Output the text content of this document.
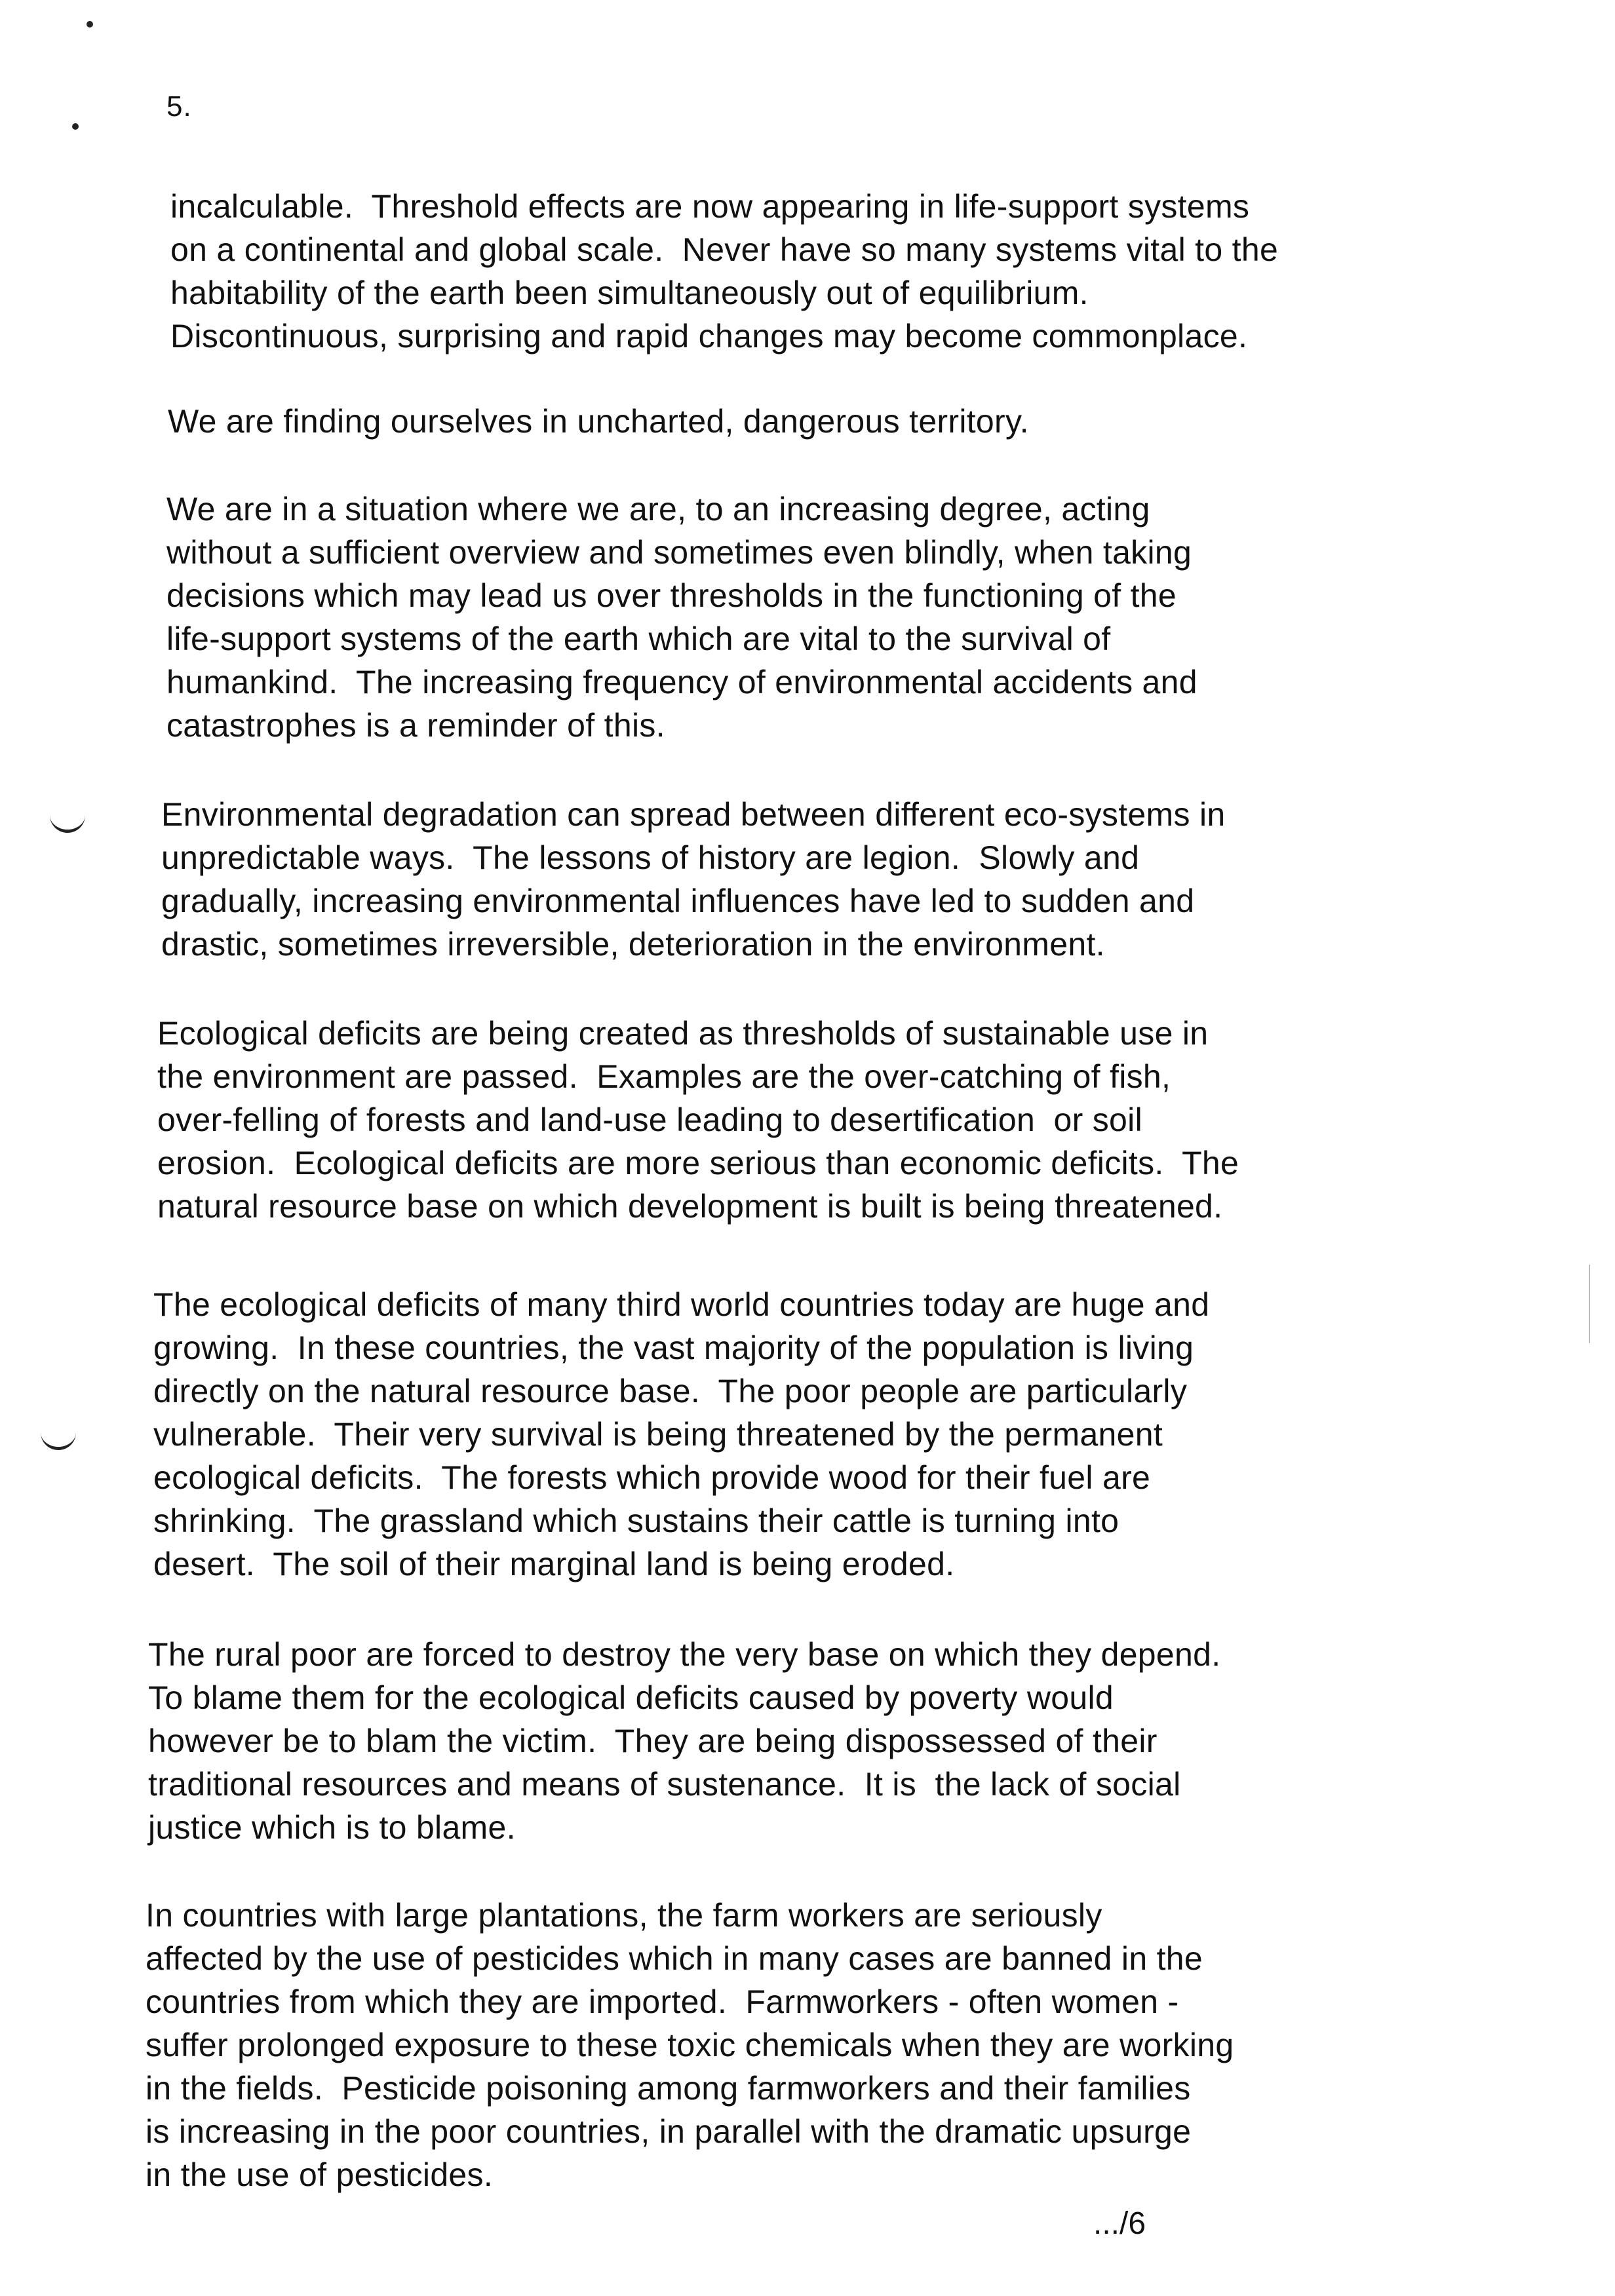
5.

incalculable.  Threshold effects are now appearing in life-support systems
on a continental and global scale.  Never have so many systems vital to the
habitability of the earth been simultaneously out of equilibrium.
Discontinuous, surprising and rapid changes may become commonplace.

We are finding ourselves in uncharted, dangerous territory.

We are in a situation where we are, to an increasing degree, acting
without a sufficient overview and sometimes even blindly, when taking
decisions which may lead us over thresholds in the functioning of the
life-support systems of the earth which are vital to the survival of
humankind.  The increasing frequency of environmental accidents and
catastrophes is a reminder of this.

Environmental degradation can spread between different eco-systems in
unpredictable ways.  The lessons of history are legion.  Slowly and
gradually, increasing environmental influences have led to sudden and
drastic, sometimes irreversible, deterioration in the environment.

Ecological deficits are being created as thresholds of sustainable use in
the environment are passed.  Examples are the over-catching of fish,
over-felling of forests and land-use leading to desertification  or soil
erosion.  Ecological deficits are more serious than economic deficits.  The
natural resource base on which development is built is being threatened.

The ecological deficits of many third world countries today are huge and
growing.  In these countries, the vast majority of the population is living
directly on the natural resource base.  The poor people are particularly
vulnerable.  Their very survival is being threatened by the permanent
ecological deficits.  The forests which provide wood for their fuel are
shrinking.  The grassland which sustains their cattle is turning into
desert.  The soil of their marginal land is being eroded.

The rural poor are forced to destroy the very base on which they depend.
To blame them for the ecological deficits caused by poverty would
however be to blam the victim.  They are being dispossessed of their
traditional resources and means of sustenance.  It is  the lack of social
justice which is to blame.

In countries with large plantations, the farm workers are seriously
affected by the use of pesticides which in many cases are banned in the
countries from which they are imported.  Farmworkers - often women -
suffer prolonged exposure to these toxic chemicals when they are working
in the fields.  Pesticide poisoning among farmworkers and their families
is increasing in the poor countries, in parallel with the dramatic upsurge
in the use of pesticides.

.../6
